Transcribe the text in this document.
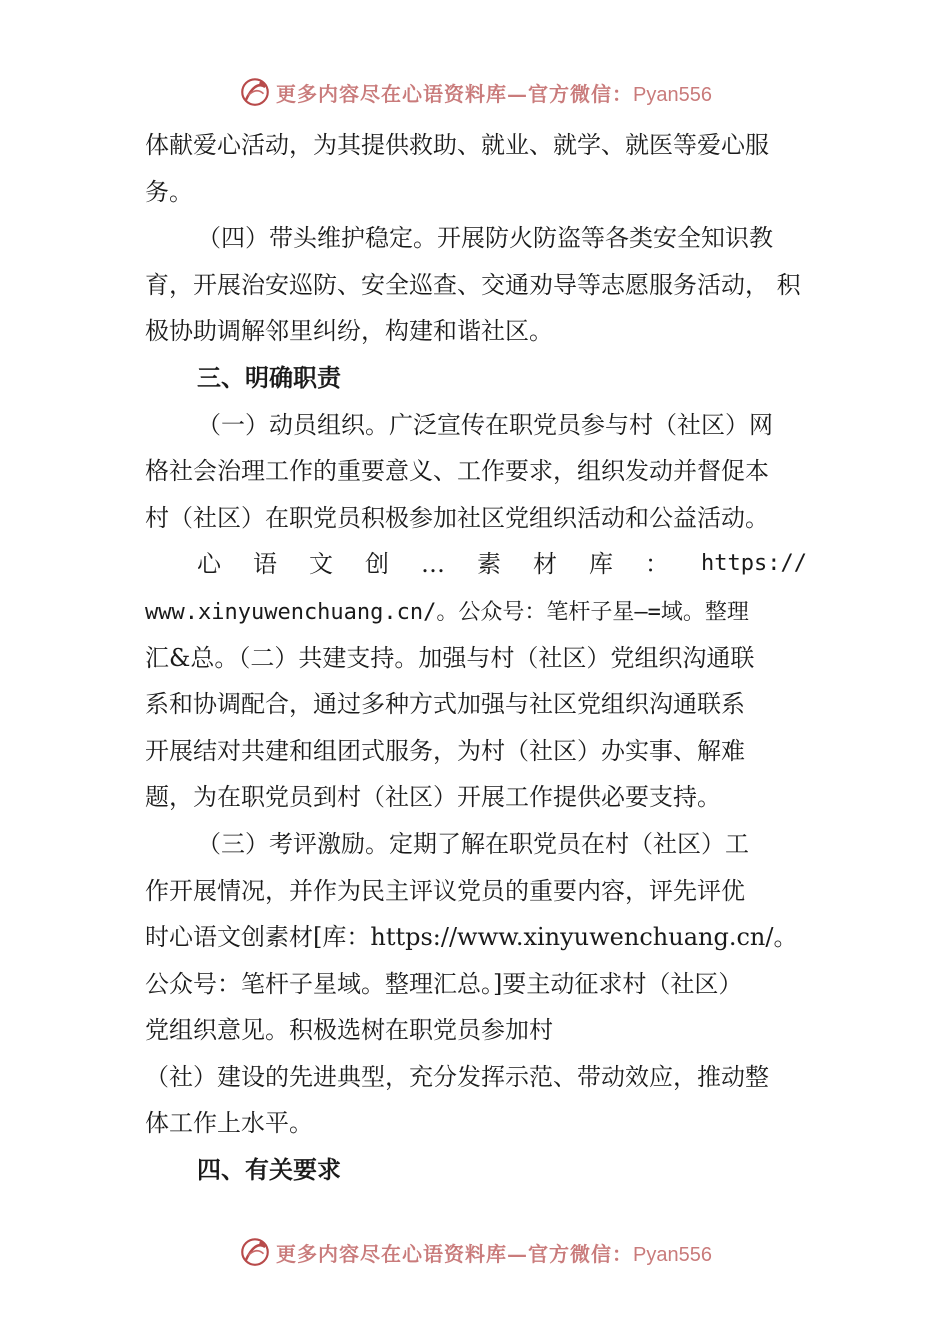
更多内容尽在心语资料库—官方微信：Pyan556
体献爱心活动，为其提供救助、就业、就学、就医等爱心服
务。
（四）带头维护稳定。开展防火防盗等各类安全知识教
育，开展治安巡防、安全巡查、交通劝导等志愿服务活动， 积
极协助调解邻里纠纷，构建和谐社区。
三、明确职责
（一）动员组织。广泛宣传在职党员参与村（社区）网
格社会治理工作的重要意义、工作要求，组织发动并督促本
村（社区）在职党员积极参加社区党组织活动和公益活动。
心 语 文 创 … 素 材 库 ： https://
www.xinyuwenchuang.cn/。公众号：笔杆子星—=域。整理
汇&总。（二）共建支持。加强与村（社区）党组织沟通联
系和协调配合，通过多种方式加强与社区党组织沟通联系
开展结对共建和组团式服务，为村（社区）办实事、解难
题，为在职党员到村（社区）开展工作提供必要支持。
（三）考评激励。定期了解在职党员在村（社区）工
作开展情况，并作为民主评议党员的重要内容，评先评优
时心语文创素材[库：https://www.xinyuwenchuang.cn/。
公众号：笔杆子星域。整理汇总。]要主动征求村（社区）
党组织意见。积极选树在职党员参加村
（社）建设的先进典型，充分发挥示范、带动效应，推动整
体工作上水平。
四、有关要求
更多内容尽在心语资料库—官方微信：Pyan556
